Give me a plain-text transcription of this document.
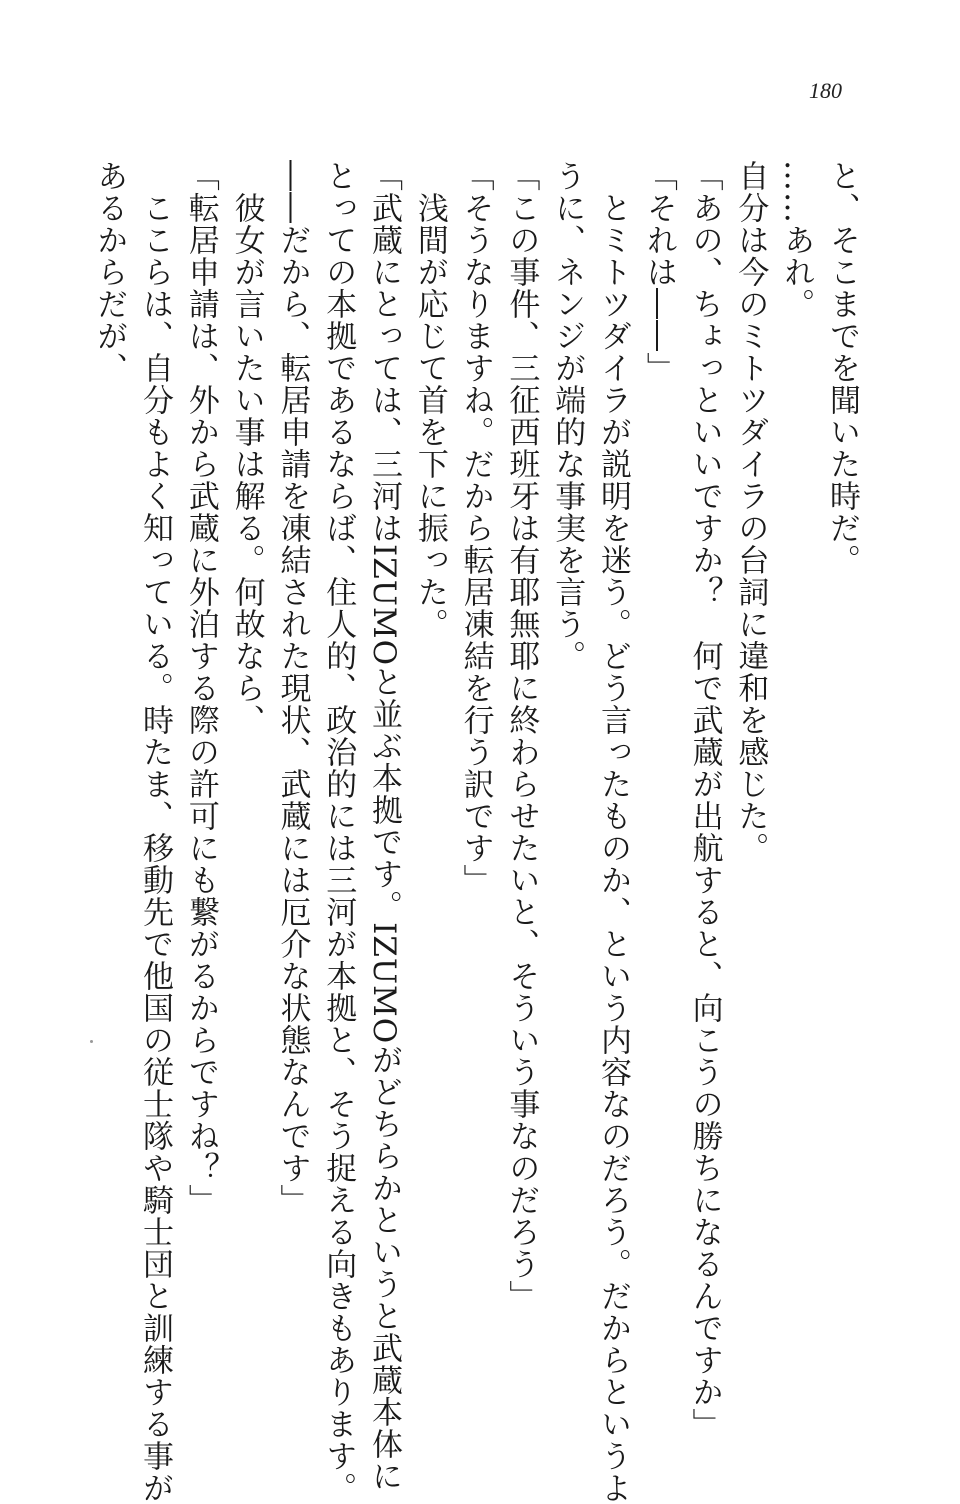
180
と、そこまでを聞いた時だ。
……あれ。
自分は今のミトツダイラの台詞に違和を感じた。
「あの、ちょっといいですか？　何で武蔵が出航すると、向こうの勝ちになるんですか」
「それは――」
　とミトツダイラが説明を迷う。どう言ったものか、という内容なのだろう。だからというよ
うに、ネンジが端的な事実を言う。
「この事件、三征西班牙は有耶無耶に終わらせたいと、そういう事なのだろう」
「そうなりますね。だから転居凍結を行う訳です」
　浅間が応じて首を下に振った。
「武蔵にとっては、三河はIZUMOと並ぶ本拠です。IZUMOがどちらかというと武蔵本体に
とっての本拠であるならば、住人的、政治的には三河が本拠と、そう捉える向きもあります。
――だから、転居申請を凍結された現状、武蔵には厄介な状態なんです」
　彼女が言いたい事は解る。何故なら、
「転居申請は、外から武蔵に外泊する際の許可にも繋がるからですね？」
　ここらは、自分もよく知っている。時たま、移動先で他国の従士隊や騎士団と訓練する事が
あるからだが、
